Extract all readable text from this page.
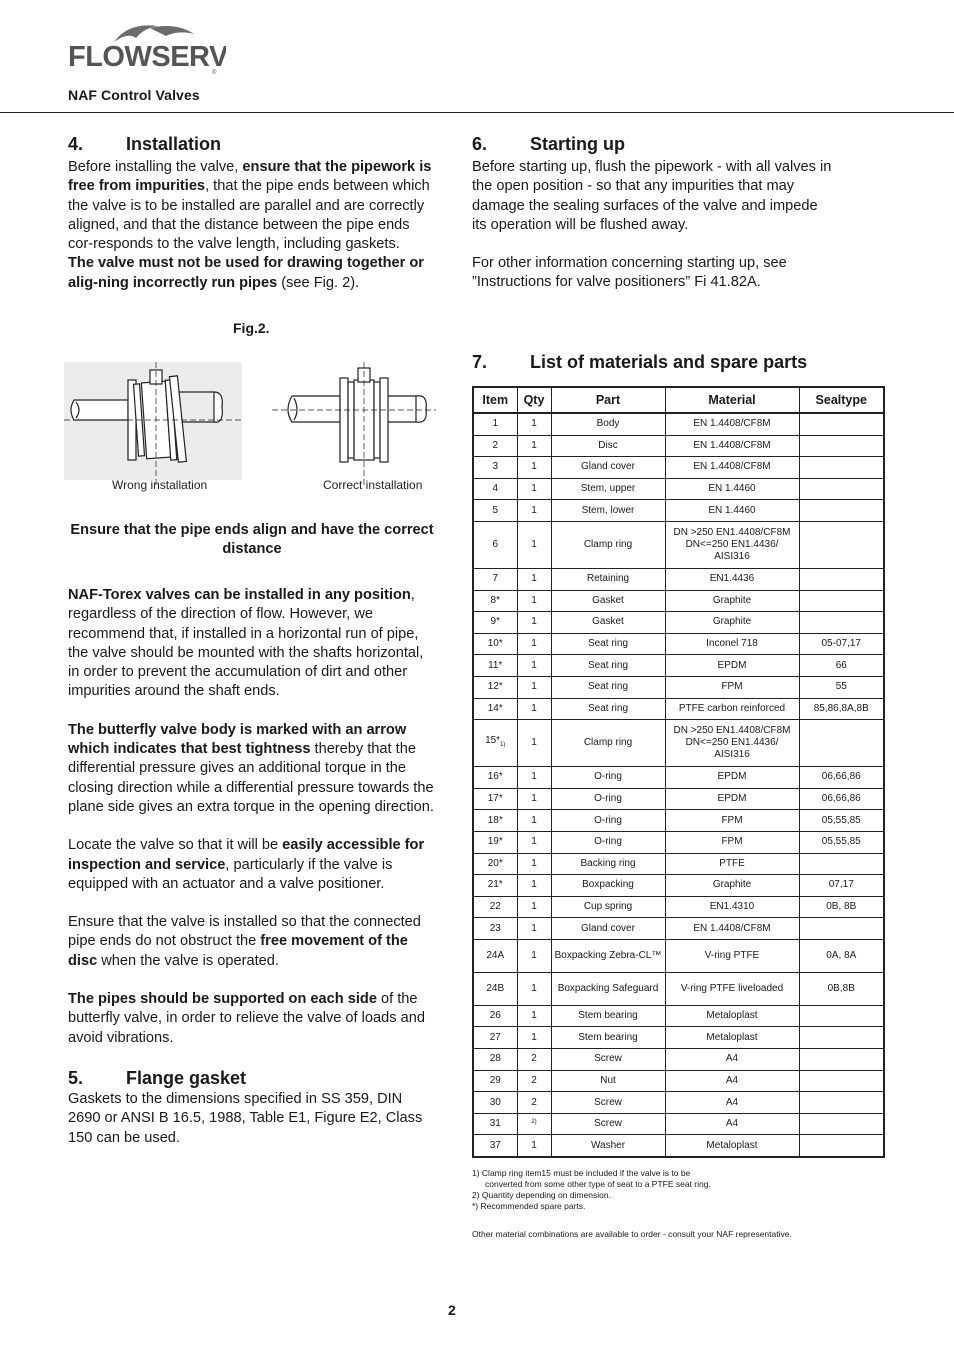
FLOWSERV
®
NAF Control Valves
4.	Installation

Before installing the valve, ensure that the pipework is free from impurities, that the pipe ends between which the valve is to be installed are parallel and are correctly aligned, and that the distance between the pipe ends cor-responds to the valve length, including gaskets.
The valve must not be used for drawing together or alig-ning incorrectly run pipes (see Fig. 2).

Fig.2.
Wrong installation	Correct installation
Ensure that the pipe ends align and have the correct distance

NAF-Torex valves can be installed in any position, regardless of the direction of flow. However, we recommend that, if installed in a horizontal run of pipe, the valve should be mounted with the shafts horizontal, in order to prevent the accumulation of dirt and other impurities around the shaft ends.

The butterfly valve body is marked with an arrow which indicates that best tightness thereby that the differential pressure gives an additional torque in the closing direction while a differential pressure towards the plane side gives an extra torque in the opening direction.

Locate the valve so that it will be easily accessible for inspection and service, particularly if the valve is equipped with an actuator and a valve positioner.

Ensure that the valve is installed so that the connected pipe ends do not obstruct the free movement of the disc when the valve is operated.

The pipes should be supported on each side of the butterfly valve, in order to relieve the valve of loads and avoid vibrations.

5.	Flange gasket

Gaskets to the dimensions specified in SS 359, DIN 2690 or ANSI B 16.5, 1988, Table E1, Figure E2, Class 150 can be used.

6.	Starting up

Before starting up, flush the pipework - with all valves in the open position - so that any impurities that may damage the sealing surfaces of the valve and impede its operation will be flushed away.

For other information concerning starting up, see ”Instructions for valve positioners” Fi 41.82A.

7.	List of materials and spare parts
Item	Qty	Part	Material	Sealtype
1	1	Body	EN 1.4408/CF8M	
2	1	Disc	EN 1.4408/CF8M	
3	1	Gland cover	EN 1.4408/CF8M	
4	1	Stem, upper	EN 1.4460	
5	1	Stem, lower	EN 1.4460	
6	1	Clamp ring	DN >250 EN1.4408/CF8M DN<=250 EN1.4436/ AISI316	
7	1	Retaining	EN1.4436	
8*	1	Gasket	Graphite	
9*	1	Gasket	Graphite	
10*	1	Seat ring	Inconel 718	05-07,17
11*	1	Seat ring	EPDM	66
12*	1	Seat ring	FPM	55
14*	1	Seat ring	PTFE carbon reinforced	85,86,8A,8B
$15*_{1)}$	1	Clamp ring	DN >250 EN1.4408/CF8M DN<=250 EN1.4436/ AISI316	
16*	1	O-ring	EPDM	06,66,86
17*	1	O-ring	EPDM	06,66,86
18*	1	O-ring	FPM	05,55,85
19*	1	O-ring	FPM	05,55,85
20*	1	Backing ring	PTFE	
21*	1	Boxpacking	Graphite	07,17
22	1	Cup spring	EN1.4310	0B, 8B
23	1	Gland cover	EN 1.4408/CF8M	
24A	1	Boxpacking Zebra-CL™	V-ring PTFE	0A, 8A
24B	1	Boxpacking Safeguard	V-ring PTFE liveloaded	0B,8B
26	1	Stem bearing	Metaloplast	
27	1	Stem bearing	Metaloplast	
28	2	Screw	A4	
29	2	Nut	A4	
30	2	Screw	A4	
31	$^{2)}$	Screw	A4	
37	1	Washer	Metaloplast	
1) Clamp ring item15 must be included if the valve is to be
converted from some other type of seat to a PTFE seat ring.
2) Quantity depending on dimension.
*) Recommended spare parts.
Other material combinations are available to order - consult your NAF representative.
2
